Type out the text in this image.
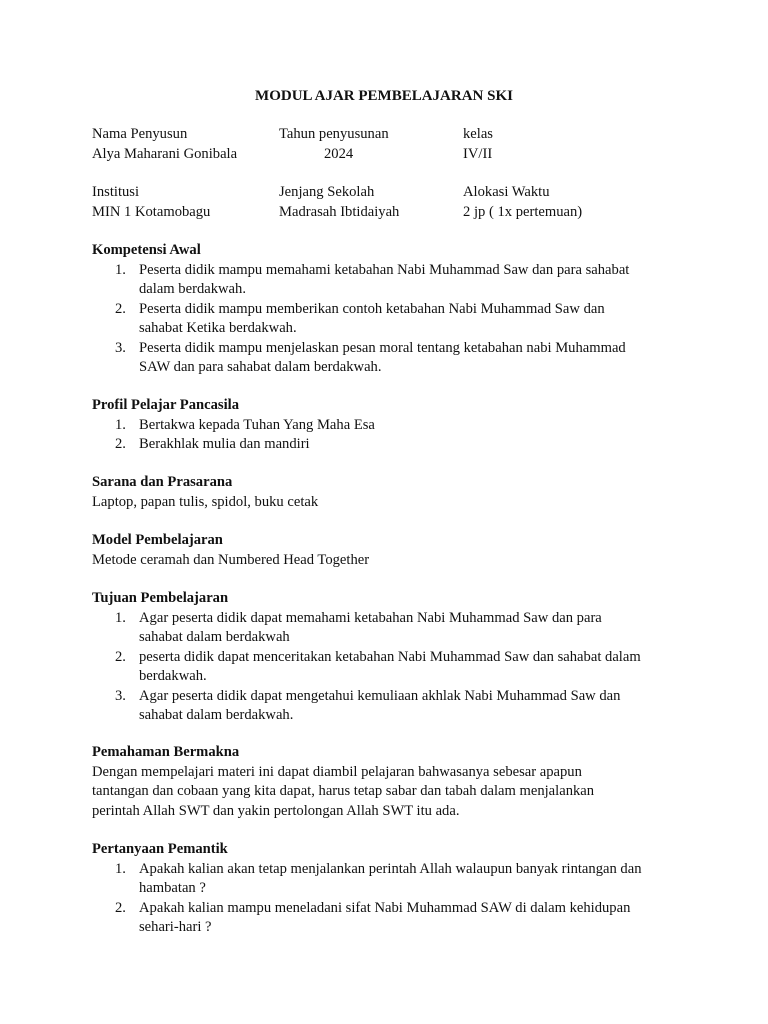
MODUL AJAR PEMBELAJARAN SKI
Nama Penyusun	Tahun penyusunan	kelas
Alya Maharani Gonibala	2024	IV/II
Institusi	Jenjang Sekolah	Alokasi Waktu
MIN 1 Kotamobagu	Madrasah Ibtidaiyah	2 jp ( 1x pertemuan)
Kompetensi Awal
1. Peserta didik mampu memahami ketabahan Nabi Muhammad Saw dan para sahabat
dalam berdakwah.
2. Peserta didik mampu memberikan contoh ketabahan Nabi Muhammad Saw dan
sahabat Ketika berdakwah.
3. Peserta didik mampu menjelaskan pesan moral tentang ketabahan nabi Muhammad
SAW dan para sahabat dalam berdakwah.
Profil Pelajar Pancasila
1. Bertakwa kepada Tuhan Yang Maha Esa
2. Berakhlak mulia dan mandiri
Sarana dan Prasarana

Laptop, papan tulis, spidol, buku cetak

Model Pembelajaran

Metode ceramah dan Numbered Head Together

Tujuan Pembelajaran
1. Agar peserta didik dapat memahami ketabahan Nabi Muhammad Saw dan para
sahabat dalam berdakwah
2. peserta didik dapat menceritakan ketabahan Nabi Muhammad Saw dan sahabat dalam
berdakwah.
3. Agar peserta didik dapat mengetahui kemuliaan akhlak Nabi Muhammad Saw dan
sahabat dalam berdakwah.
Pemahaman Bermakna

Dengan mempelajari materi ini dapat diambil pelajaran bahwasanya sebesar apapun
tantangan dan cobaan yang kita dapat, harus tetap sabar dan tabah dalam menjalankan
perintah Allah SWT dan yakin pertolongan Allah SWT itu ada.

Pertanyaan Pemantik
1. Apakah kalian akan tetap menjalankan perintah Allah walaupun banyak rintangan dan
hambatan ?
2. Apakah kalian mampu meneladani sifat Nabi Muhammad SAW di dalam kehidupan
sehari-hari ?
